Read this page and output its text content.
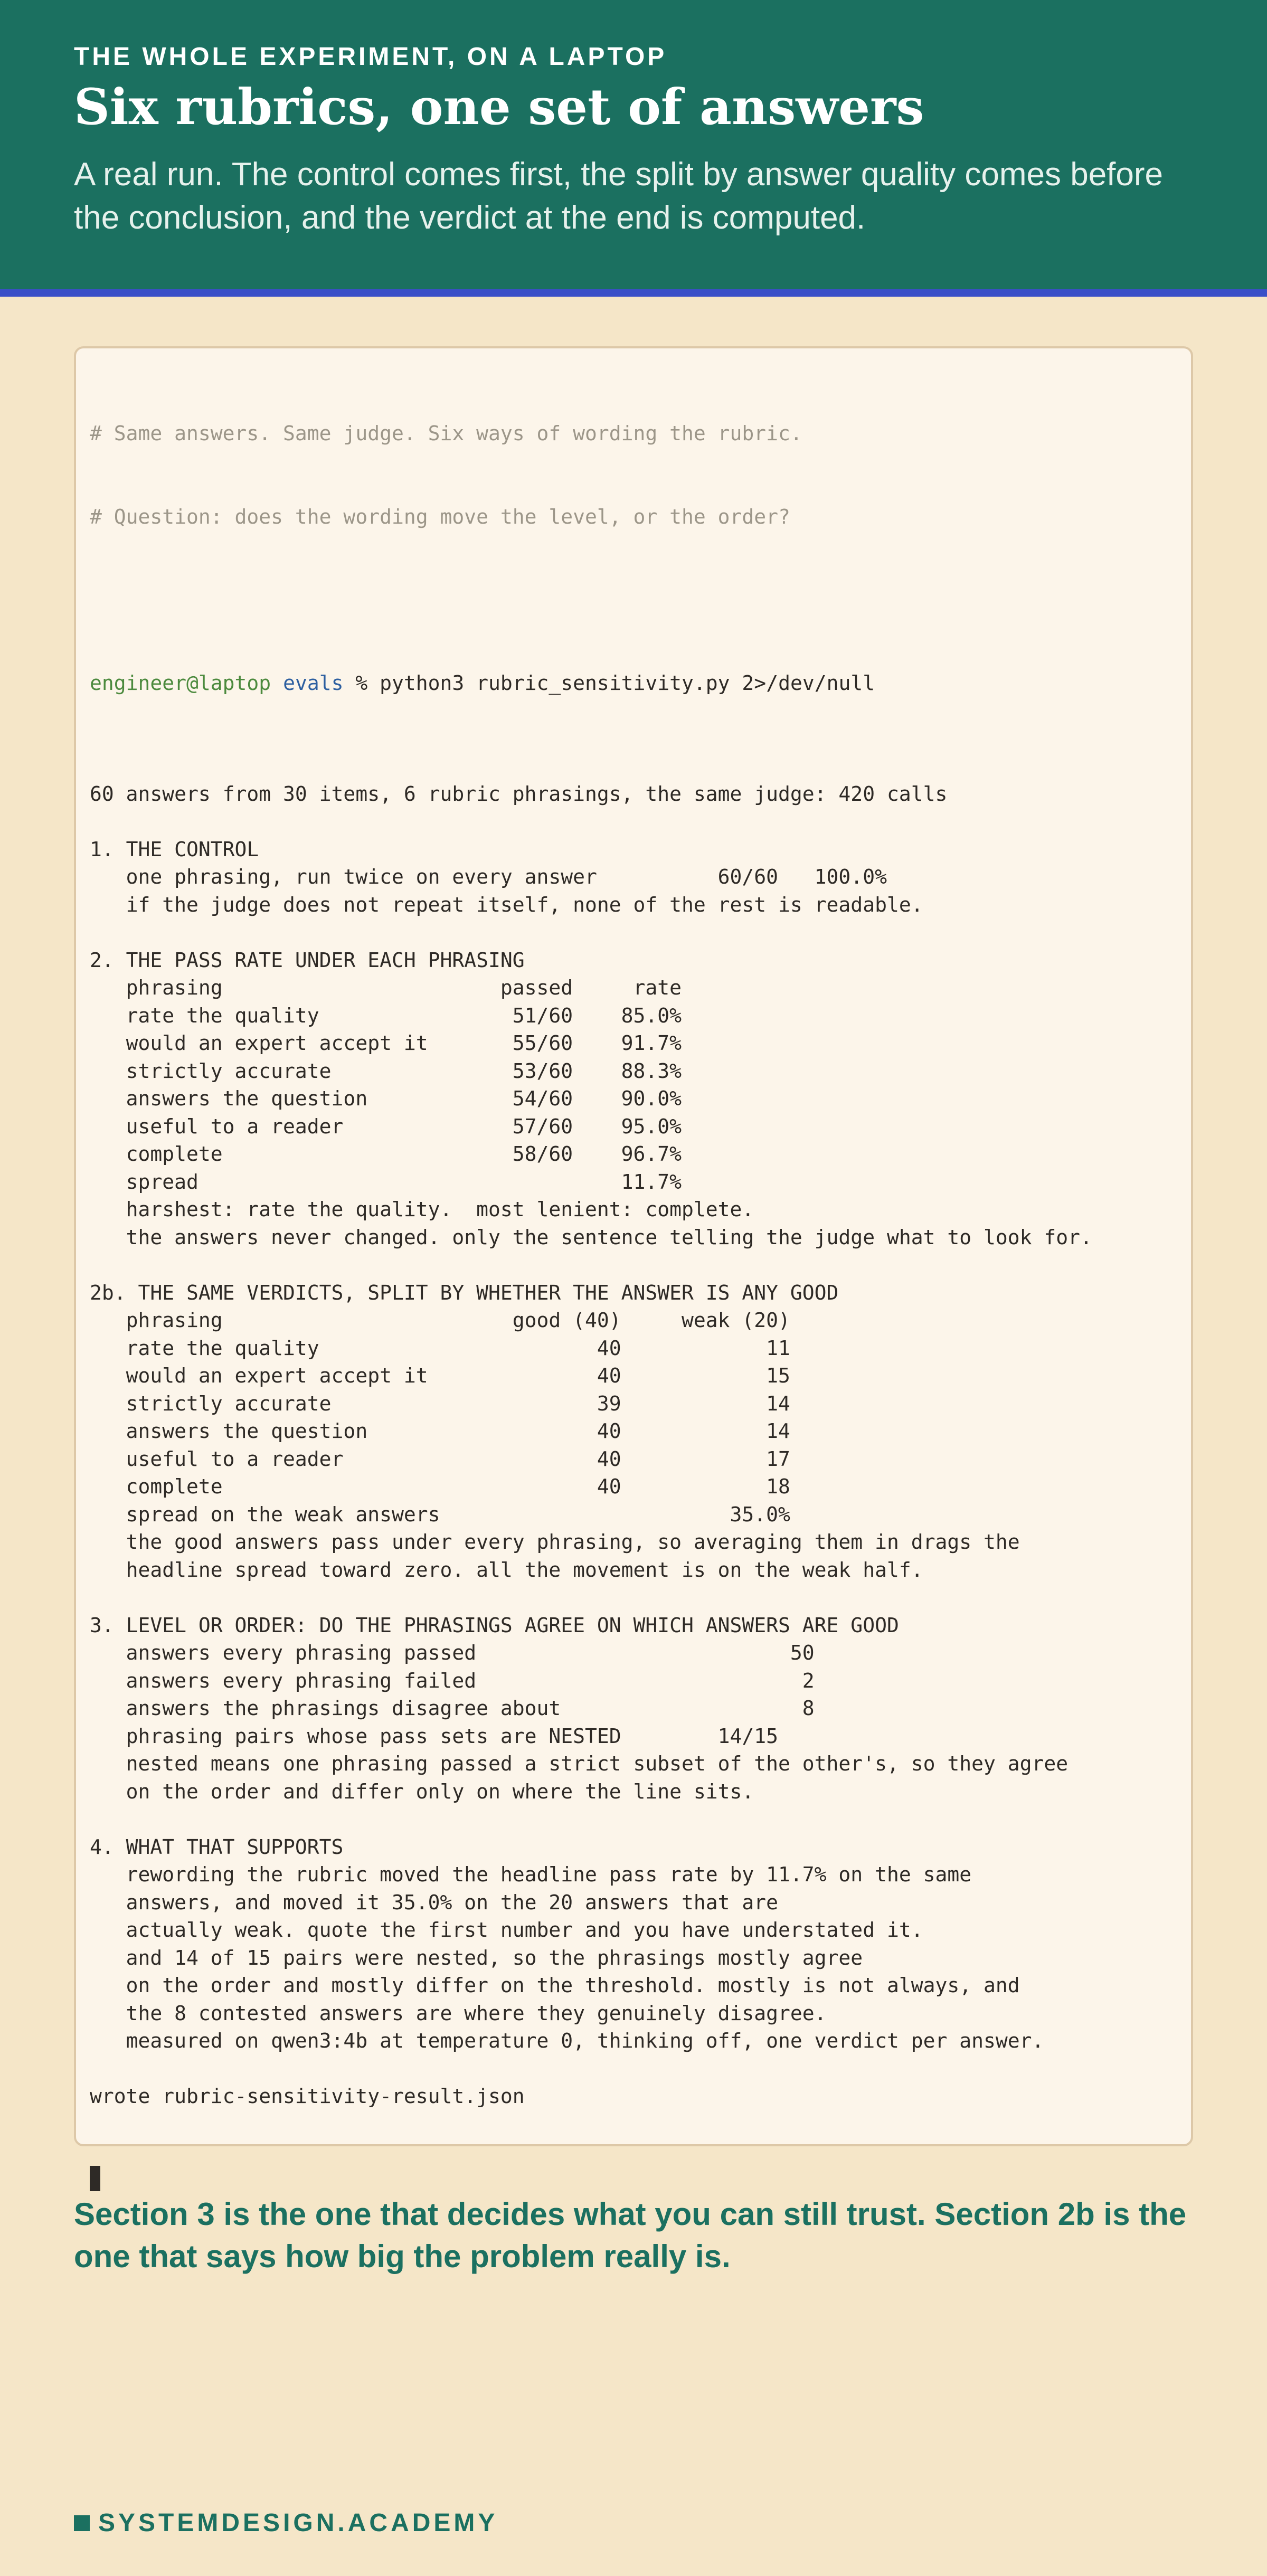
THE WHOLE EXPERIMENT, ON A LAPTOP
Six rubrics, one set of answers
A real run. The control comes first, the split by answer quality comes before the conclusion, and the verdict at the end is computed.

# Same answers. Same judge. Six ways of wording the rubric.

# Question: does the wording move the level, or the order?

engineer@laptop evals % python3 rubric_sensitivity.py 2>/dev/null

60 answers from 30 items, 6 rubric phrasings, the same judge: 420 calls
1. THE CONTROL
one phrasing, run twice on every answer          60/60   100.0%
if the judge does not repeat itself, none of the rest is readable.
2. THE PASS RATE UNDER EACH PHRASING
phrasing                       passed     rate
rate the quality                51/60    85.0%
would an expert accept it       55/60    91.7%
strictly accurate               53/60    88.3%
answers the question            54/60    90.0%
useful to a reader              57/60    95.0%
complete                        58/60    96.7%
spread                                   11.7%
harshest: rate the quality.  most lenient: complete.
the answers never changed. only the sentence telling the judge what to look for.
2b. THE SAME VERDICTS, SPLIT BY WHETHER THE ANSWER IS ANY GOOD
phrasing                        good (40)     weak (20)
rate the quality                       40            11
would an expert accept it              40            15
strictly accurate                      39            14
answers the question                   40            14
useful to a reader                     40            17
complete                               40            18
spread on the weak answers                        35.0%
the good answers pass under every phrasing, so averaging them in drags the
headline spread toward zero. all the movement is on the weak half.
3. LEVEL OR ORDER: DO THE PHRASINGS AGREE ON WHICH ANSWERS ARE GOOD
answers every phrasing passed                          50
answers every phrasing failed                           2
answers the phrasings disagree about                    8
phrasing pairs whose pass sets are NESTED        14/15
nested means one phrasing passed a strict subset of the other's, so they agree
on the order and differ only on where the line sits.
4. WHAT THAT SUPPORTS
rewording the rubric moved the headline pass rate by 11.7% on the same
answers, and moved it 35.0% on the 20 answers that are
actually weak. quote the first number and you have understated it.
and 14 of 15 pairs were nested, so the phrasings mostly agree
on the order and mostly differ on the threshold. mostly is not always, and
the 8 contested answers are where they genuinely disagree.
measured on qwen3:4b at temperature 0, thinking off, one verdict per answer.
wrote rubric-sensitivity-result.json

Section 3 is the one that decides what you can still trust. Section 2b is the one that says how big the problem really is.
SYSTEMDESIGN.ACADEMY
